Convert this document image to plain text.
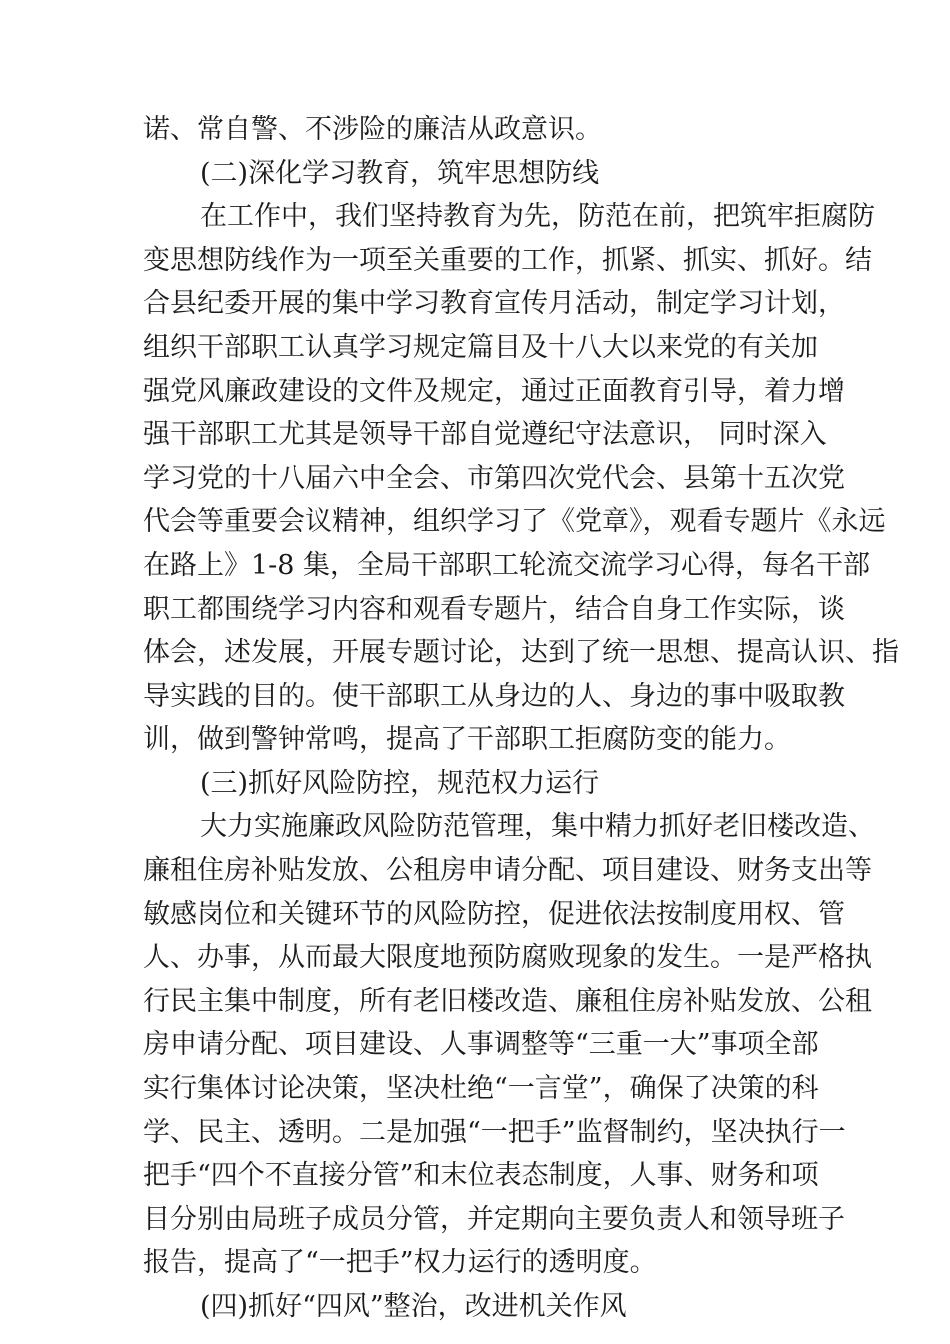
诺、常自警、不涉险的廉洁从政意识。
(二)深化学习教育，筑牢思想防线
在工作中，我们坚持教育为先，防范在前，把筑牢拒腐防
变思想防线作为一项至关重要的工作，抓紧、抓实、抓好。结
合县纪委开展的集中学习教育宣传月活动，制定学习计划，
组织干部职工认真学习规定篇目及十八大以来党的有关加
强党风廉政建设的文件及规定，通过正面教育引导，着力增
强干部职工尤其是领导干部自觉遵纪守法意识， 同时深入
学习党的十八届六中全会、市第四次党代会、县第十五次党
代会等重要会议精神，组织学习了《党章》，观看专题片《永远
在路上》1-8 集，全局干部职工轮流交流学习心得，每名干部
职工都围绕学习内容和观看专题片，结合自身工作实际，谈
体会，述发展，开展专题讨论，达到了统一思想、提高认识、指
导实践的目的。使干部职工从身边的人、身边的事中吸取教
训，做到警钟常鸣，提高了干部职工拒腐防变的能力。
(三)抓好风险防控，规范权力运行
大力实施廉政风险防范管理，集中精力抓好老旧楼改造、
廉租住房补贴发放、公租房申请分配、项目建设、财务支出等
敏感岗位和关键环节的风险防控，促进依法按制度用权、管
人、办事，从而最大限度地预防腐败现象的发生。一是严格执
行民主集中制度，所有老旧楼改造、廉租住房补贴发放、公租
房申请分配、项目建设、人事调整等“三重一大”事项全部
实行集体讨论决策，坚决杜绝“一言堂”，确保了决策的科
学、民主、透明。二是加强“一把手”监督制约，坚决执行一
把手“四个不直接分管”和末位表态制度，人事、财务和项
目分别由局班子成员分管，并定期向主要负责人和领导班子
报告，提高了“一把手”权力运行的透明度。
(四)抓好“四风”整治，改进机关作风
